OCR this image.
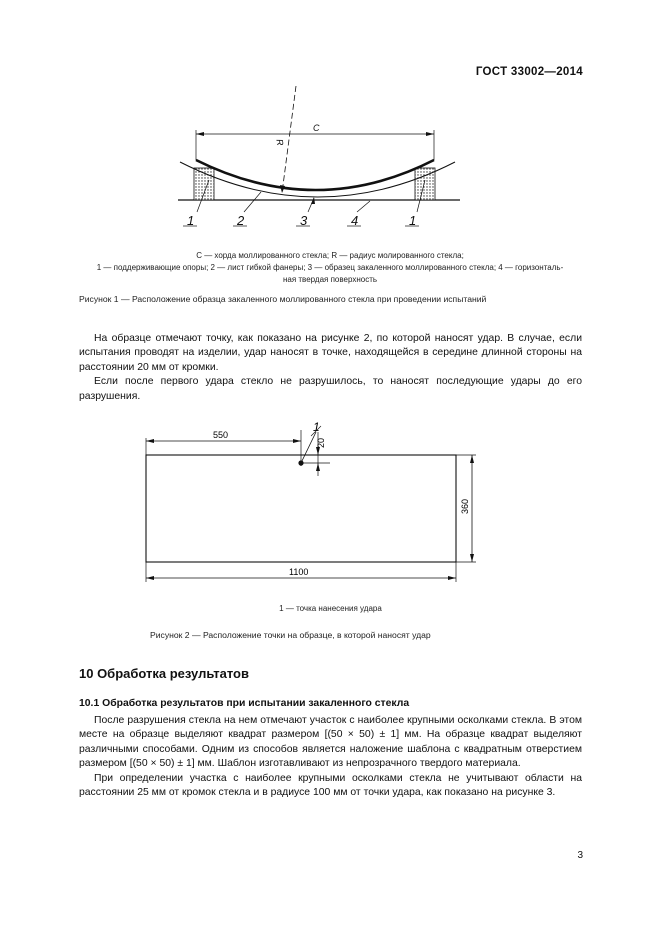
ГОСТ 33002—2014
C
R
1	2	3	4	1
C — хорда моллированного стекла; R — радиус молированного стекла;
1 — поддерживающие опоры; 2 — лист гибкой фанеры; 3 — образец закаленного моллированного стекла; 4 — горизонталь-
ная твердая поверхность
Рисунок 1 — Расположение образца закаленного моллированного стекла при проведении испытаний

На образце отмечают точку, как показано на рисунке 2, по которой наносят удар. В случае, если испытания проводят на изделии, удар наносят в точке, находящейся в середине длинной стороны на расстоянии 20 мм от кромки.

Если после первого удара стекло не разрушилось, то наносят последующие удары до его разрушения.

550
20
1
360
1100
1 — точка нанесения удара
Рисунок 2 — Расположение точки на образце, в которой наносят удар
10 Обработка результатов
10.1 Обработка результатов при испытании закаленного стекла

После разрушения стекла на нем отмечают участок с наиболее крупными осколками стекла. В этом месте на образце выделяют квадрат размером [(50 × 50) ± 1] мм. На образце квадрат выделяют различными способами. Одним из способов является наложение шаблона с квадратным отверстием размером [(50 × 50) ± 1] мм. Шаблон изготавливают из непрозрачного твердого материала.

При определении участка с наиболее крупными осколками стекла не учитывают области на расстоянии 25 мм от кромок стекла и в радиусе 100 мм от точки удара, как показано на рисунке 3.

3
